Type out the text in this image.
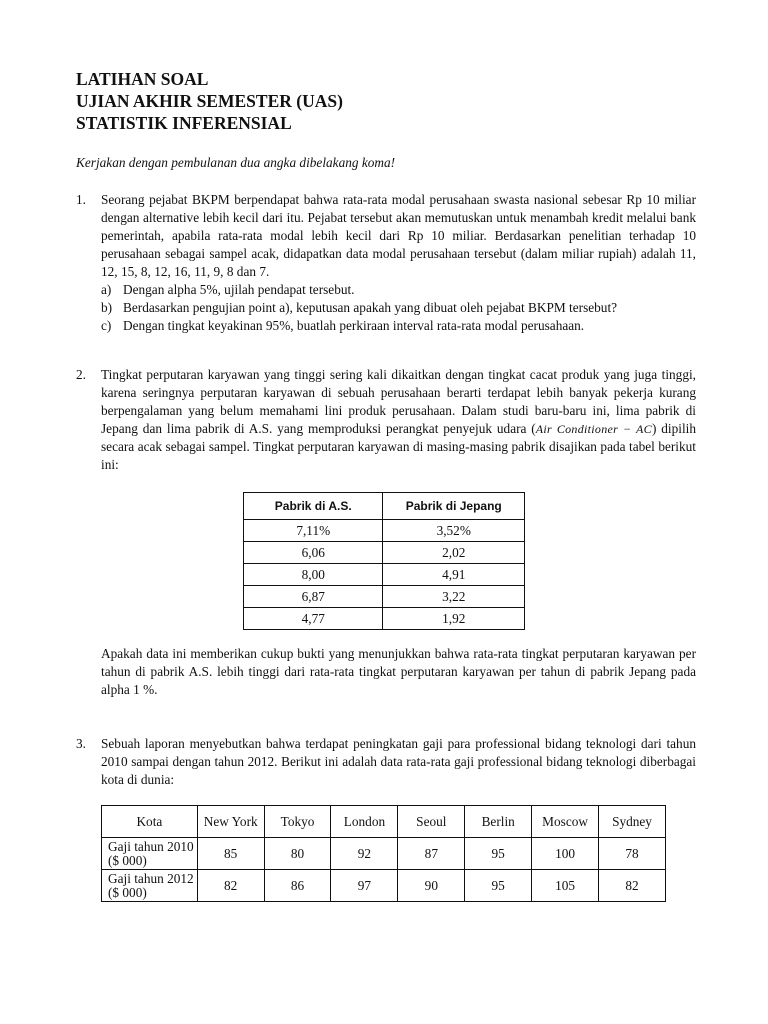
LATIHAN SOAL
UJIAN AKHIR SEMESTER (UAS)
STATISTIK INFERENSIAL
Kerjakan dengan pembulanan dua angka dibelakang koma!
1. Seorang pejabat BKPM berpendapat bahwa rata-rata modal perusahaan swasta nasional sebesar Rp 10 miliar dengan alternative lebih kecil dari itu. Pejabat tersebut akan memutuskan untuk menambah kredit melalui bank pemerintah, apabila rata-rata modal lebih kecil dari Rp 10 miliar. Berdasarkan penelitian terhadap 10 perusahaan sebagai sampel acak, didapatkan data modal perusahaan tersebut (dalam miliar rupiah) adalah 11, 12, 15, 8, 12, 16, 11, 9, 8 dan 7.
a) Dengan alpha 5%, ujilah pendapat tersebut.
b) Berdasarkan pengujian point a), keputusan apakah yang dibuat oleh pejabat BKPM tersebut?
c) Dengan tingkat keyakinan 95%, buatlah perkiraan interval rata-rata modal perusahaan.
2. Tingkat perputaran karyawan yang tinggi sering kali dikaitkan dengan tingkat cacat produk yang juga tinggi, karena seringnya perputaran karyawan di sebuah perusahaan berarti terdapat lebih banyak pekerja kurang berpengalaman yang belum memahami lini produk perusahaan. Dalam studi baru-baru ini, lima pabrik di Jepang dan lima pabrik di A.S. yang memproduksi perangkat penyejuk udara (Air Conditioner − AC) dipilih secara acak sebagai sampel. Tingkat perputaran karyawan di masing-masing pabrik disajikan pada tabel berikut ini:
Pabrik di A.S.	Pabrik di Jepang
7,11%	3,52%
6,06	2,02
8,00	4,91
6,87	3,22
4,77	1,92
Apakah data ini memberikan cukup bukti yang menunjukkan bahwa rata-rata tingkat perputaran karyawan per tahun di pabrik A.S. lebih tinggi dari rata-rata tingkat perputaran karyawan per tahun di pabrik Jepang pada alpha 1 %.
3. Sebuah laporan menyebutkan bahwa terdapat peningkatan gaji para professional bidang teknologi dari tahun 2010 sampai dengan tahun 2012. Berikut ini adalah data rata-rata gaji professional bidang teknologi diberbagai kota di dunia:
Kota	New York	Tokyo	London	Seoul	Berlin	Moscow	Sydney
Gaji tahun 2010 ($ 000)	85	80	92	87	95	100	78
Gaji tahun 2012 ($ 000)	82	86	97	90	95	105	82
